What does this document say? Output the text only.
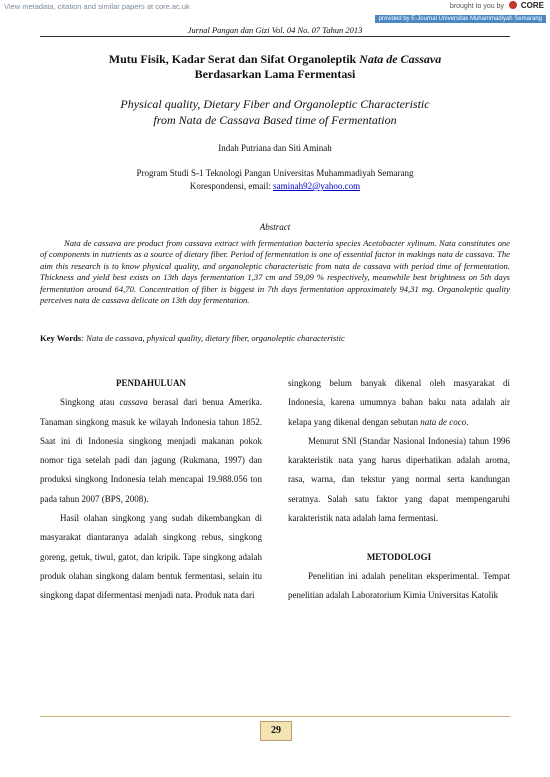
View metadata, citation and similar papers at core.ac.uk	brought to you by CORE
provided by E-Journal Universitas Muhammadiyah Semarang
Jurnal Pangan dan Gizi Vol. 04 No. 07 Tahun 2013
Mutu Fisik, Kadar Serat dan Sifat Organoleptik Nata de Cassava
Berdasarkan Lama Fermentasi
Physical quality, Dietary Fiber and Organoleptic Characteristic
from Nata de Cassava Based time of Fermentation
Indah Putriana dan Siti Aminah
Program Studi S-1 Teknologi Pangan Universitas Muhammadiyah Semarang
Korespondensi, email: saminah92@yahoo.com
Abstract

Nata de cassava are product from cassava extract with fermentation bacteria species Acetobacter xylinum. Nata constitutes one of components in nutrients as a source of dietary fiber. Period of fermentation is one of essential factor in makings nata de cassava. The aim this research is to know physical quality, and organoleptic characteristic from nata de cassava with period time of fermentation. Thickness and yield best exists on 13th days fermentation 1,37 cm and 59,09 % respectively, meanwhile best brightness on 5th days fermentation around 64,70. Concentration of fiber is biggest in 7th days fermentation approximately 94,31 mg. Organoleptic quality perceives nata de cassava delicate on 13th day fermentation.

Key Words: Nata de cassava, physical quality, dietary fiber, organoleptic characteristic

PENDAHULUAN

Singkong atau cassava berasal dari benua Amerika. Tanaman singkong masuk ke wilayah Indonesia tahun 1852. Saat ini di Indonesia singkong menjadi makanan pokok nomor tiga setelah padi dan jagung (Rukmana, 1997) dan produksi singkong Indonesia telah mencapai 19.988.056 ton pada tahun 2007 (BPS, 2008).

Hasil olahan singkong yang sudah dikembangkan di masyarakat diantaranya adalah singkong rebus, singkong goreng, getuk, tiwul, gatot, dan kripik. Tape singkong adalah produk olahan singkong dalam bentuk fermentasi, selain itu singkong dapat difermentasi menjadi nata. Produk nata dari

singkong belum banyak dikenal oleh masyarakat di Indonesia, karena umumnya bahan baku nata adalah air kelapa yang dikenal dengan sebutan nata de coco.

Menurut SNI (Standar Nasional Indonesia) tahun 1996 karakteristik nata yang harus diperhatikan adalah aroma, rasa, warna, dan tekstur yang normal serta kandungan seratnya. Salah satu faktor yang dapat mempengaruhi karakteristik nata adalah lama fermentasi.

METODOLOGI

Penelitian ini adalah penelitan eksperimental. Tempat penelitian adalah Laboratorium Kimia Universitas Katolik

29
